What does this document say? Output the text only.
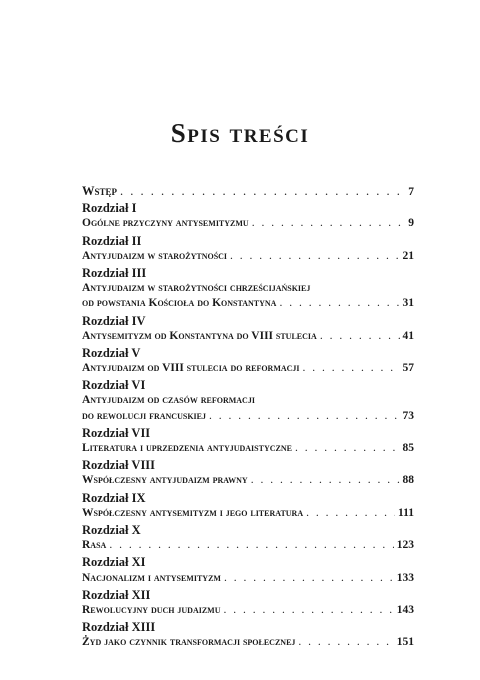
Spis treści
Wstęp . . .	7
Rozdział I
Ogólne przyczyny antysemityzmu . . .	9
Rozdział II
Antyjudaizm w starożytności . . .	21
Rozdział III
Antyjudaizm w starożytności chrześcijańskiej
od powstania Kościoła do Konstantyna . . .	31
Rozdział IV
Antysemityzm od Konstantyna do VIII stulecia . . .	41
Rozdział V
Antyjudaizm od VIII stulecia do reformacji . . .	57
Rozdział VI
Antyjudaizm od czasów reformacji
do rewolucji francuskiej . . .	73
Rozdział VII
Literatura i uprzedzenia antyjudaistyczne . . .	85
Rozdział VIII
Współczesny antyjudaizm prawny . . .	88
Rozdział IX
Współczesny antysemityzm i jego literatura . . .	111
Rozdział X
Rasa . . .	123
Rozdział XI
Nacjonalizm i antysemityzm . . .	133
Rozdział XII
Rewolucyjny duch judaizmu . . .	143
Rozdział XIII
Żyd jako czynnik transformacji społecznej . . .	151
